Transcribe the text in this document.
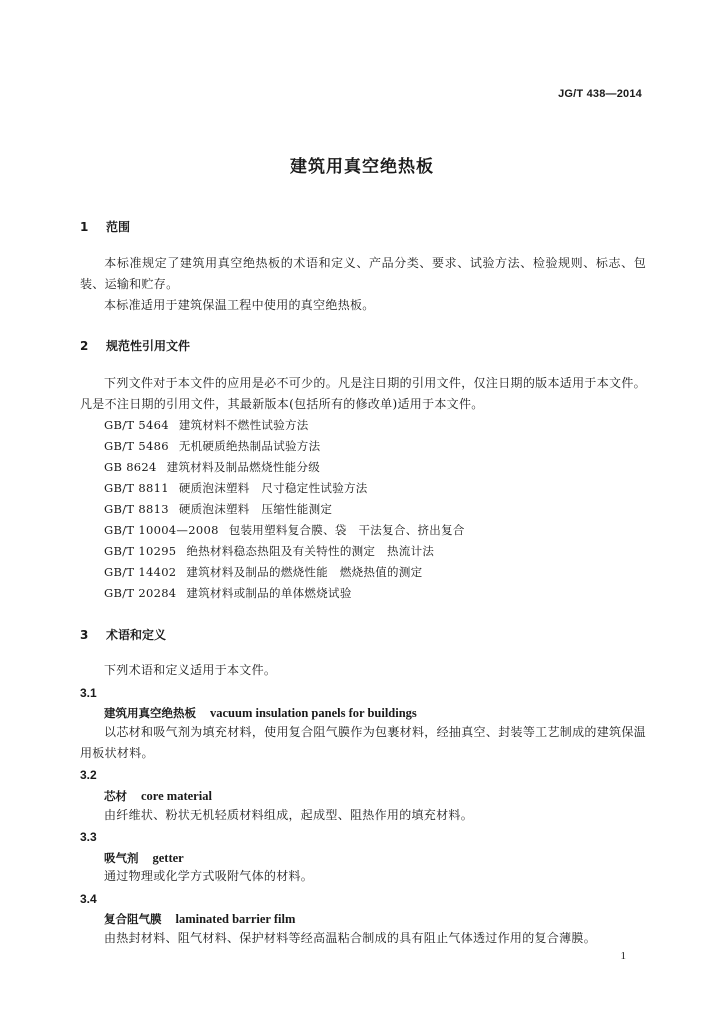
JG/T 438—2014
建筑用真空绝热板
1 范围

本标准规定了建筑用真空绝热板的术语和定义、产品分类、要求、试验方法、检验规则、标志、包装、运输和贮存。

本标准适用于建筑保温工程中使用的真空绝热板。

2 规范性引用文件

下列文件对于本文件的应用是必不可少的。凡是注日期的引用文件，仅注日期的版本适用于本文件。凡是不注日期的引用文件，其最新版本(包括所有的修改单)适用于本文件。

GB/T 5464 建筑材料不燃性试验方法
GB/T 5486 无机硬质绝热制品试验方法
GB 8624 建筑材料及制品燃烧性能分级
GB/T 8811 硬质泡沫塑料　尺寸稳定性试验方法
GB/T 8813 硬质泡沫塑料　压缩性能测定
GB/T 10004—2008 包装用塑料复合膜、袋　干法复合、挤出复合
GB/T 10295 绝热材料稳态热阻及有关特性的测定　热流计法
GB/T 14402 建筑材料及制品的燃烧性能　燃烧热值的测定
GB/T 20284 建筑材料或制品的单体燃烧试验
3 术语和定义

下列术语和定义适用于本文件。

3.1
建筑用真空绝热板 vacuum insulation panels for buildings

以芯材和吸气剂为填充材料，使用复合阻气膜作为包裹材料，经抽真空、封装等工艺制成的建筑保温用板状材料。

3.2
芯材 core material

由纤维状、粉状无机轻质材料组成，起成型、阻热作用的填充材料。

3.3
吸气剂 getter

通过物理或化学方式吸附气体的材料。

3.4
复合阻气膜 laminated barrier film

由热封材料、阻气材料、保护材料等经高温粘合制成的具有阻止气体透过作用的复合薄膜。

1
